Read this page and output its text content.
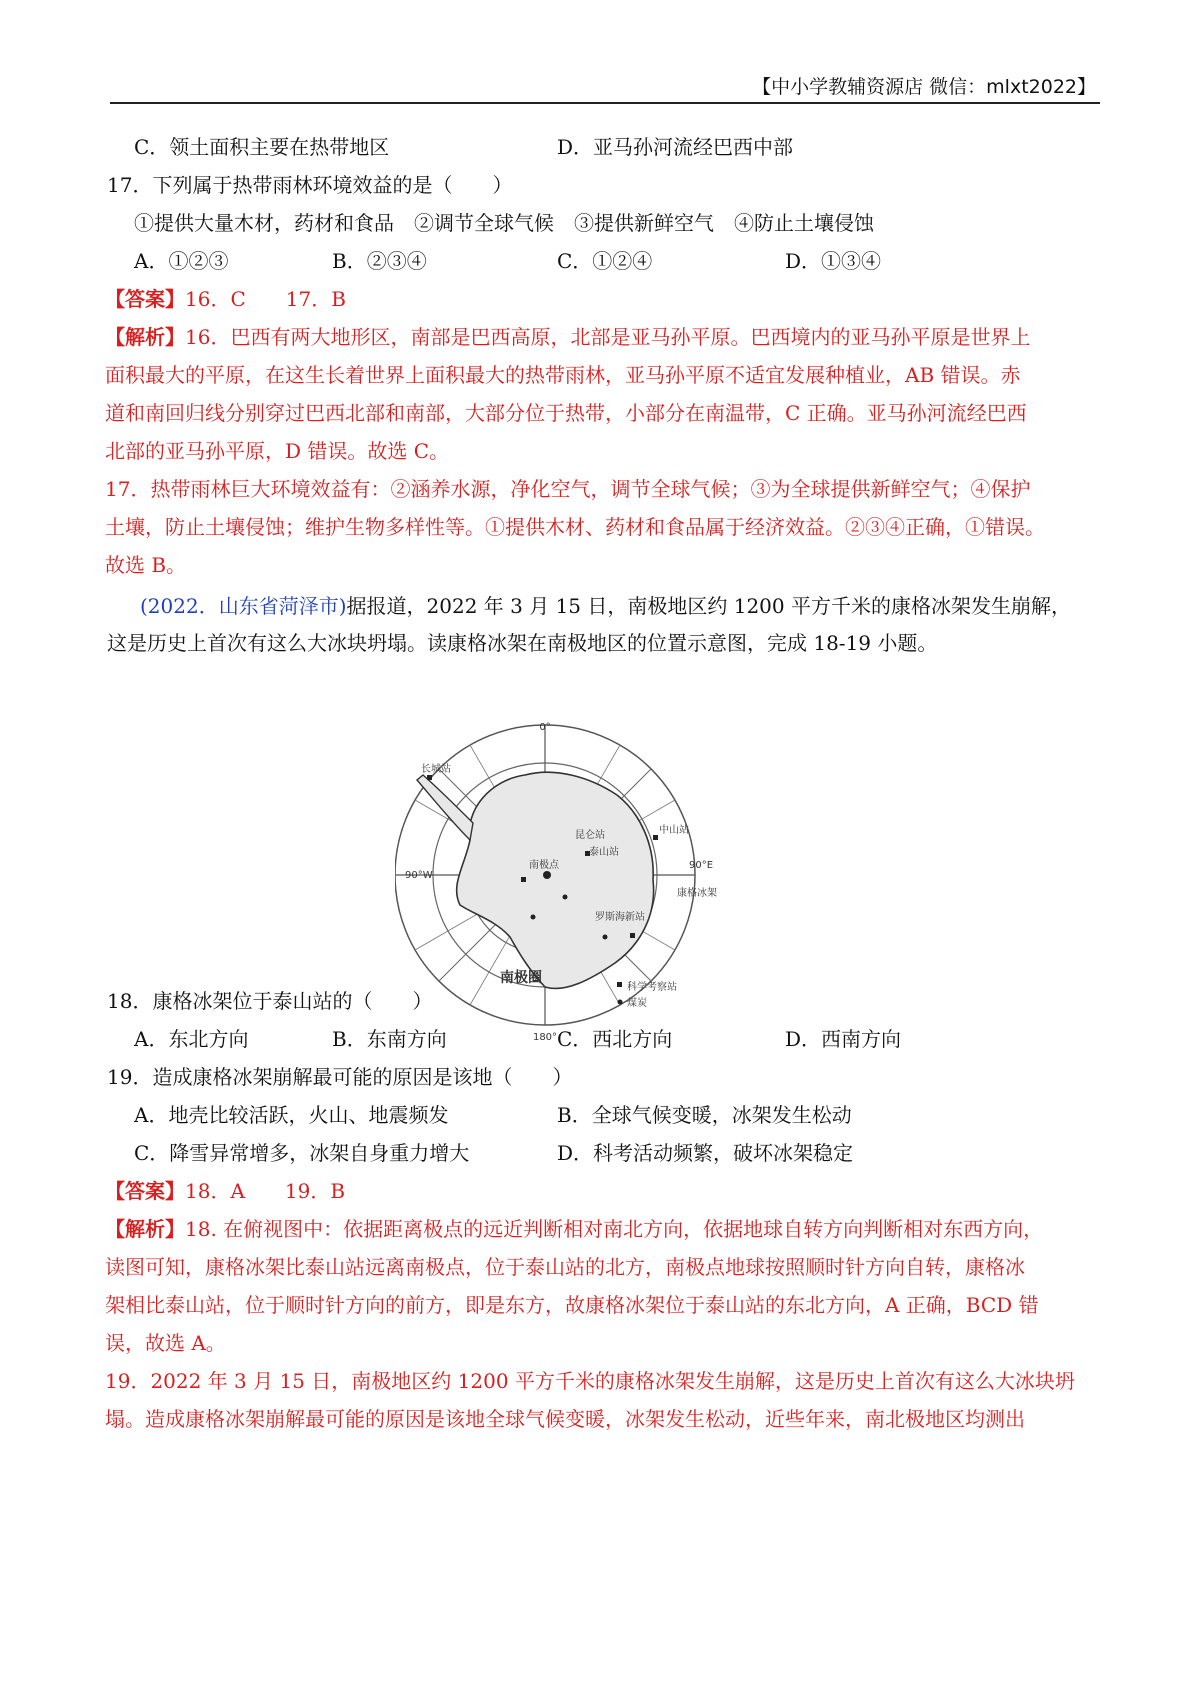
【中小学教辅资源店 微信：mlxt2022】
C．领土面积主要在热带地区	D．亚马孙河流经巴西中部
17．下列属于热带雨林环境效益的是（　　）
①提供大量木材，药材和食品　②调节全球气候　③提供新鲜空气　④防止土壤侵蚀
A．①②③	B．②③④	C．①②④	D．①③④
【答案】16．C　　17．B
【解析】16．巴西有两大地形区，南部是巴西高原，北部是亚马孙平原。巴西境内的亚马孙平原是世界上
面积最大的平原，在这生长着世界上面积最大的热带雨林，亚马孙平原不适宜发展种植业，AB 错误。赤
道和南回归线分别穿过巴西北部和南部，大部分位于热带，小部分在南温带，C 正确。亚马孙河流经巴西
北部的亚马孙平原，D 错误。故选 C。
17．热带雨林巨大环境效益有：②涵养水源，净化空气，调节全球气候；③为全球提供新鲜空气；④保护
土壤，防止土壤侵蚀；维护生物多样性等。①提供木材、药材和食品属于经济效益。②③④正确，①错误。
故选 B。
(2022．山东省菏泽市)据报道，2022 年 3 月 15 日，南极地区约 1200 平方千米的康格冰架发生崩解，
这是历史上首次有这么大冰块坍塌。读康格冰架在南极地区的位置示意图，完成 18-19 小题。
0°
90°W
90°E
180°
长城站
中山站
泰山站
昆仑站
南极点
康格冰架
罗斯海新站
南极圈
科学考察站
煤炭
18．康格冰架位于泰山站的（　　）
A．东北方向	B．东南方向	C．西北方向	D．西南方向
19．造成康格冰架崩解最可能的原因是该地（　　）
A．地壳比较活跃，火山、地震频发	B．全球气候变暖，冰架发生松动
C．降雪异常增多，冰架自身重力增大	D．科考活动频繁，破坏冰架稳定
【答案】18．A　　19．B
【解析】18. 在俯视图中：依据距离极点的远近判断相对南北方向，依据地球自转方向判断相对东西方向，
读图可知，康格冰架比泰山站远离南极点，位于泰山站的北方，南极点地球按照顺时针方向自转，康格冰
架相比泰山站，位于顺时针方向的前方，即是东方，故康格冰架位于泰山站的东北方向，A 正确，BCD 错
误，故选 A。
19．2022 年 3 月 15 日，南极地区约 1200 平方千米的康格冰架发生崩解，这是历史上首次有这么大冰块坍
塌。造成康格冰架崩解最可能的原因是该地全球气候变暖，冰架发生松动，近些年来，南北极地区均测出
